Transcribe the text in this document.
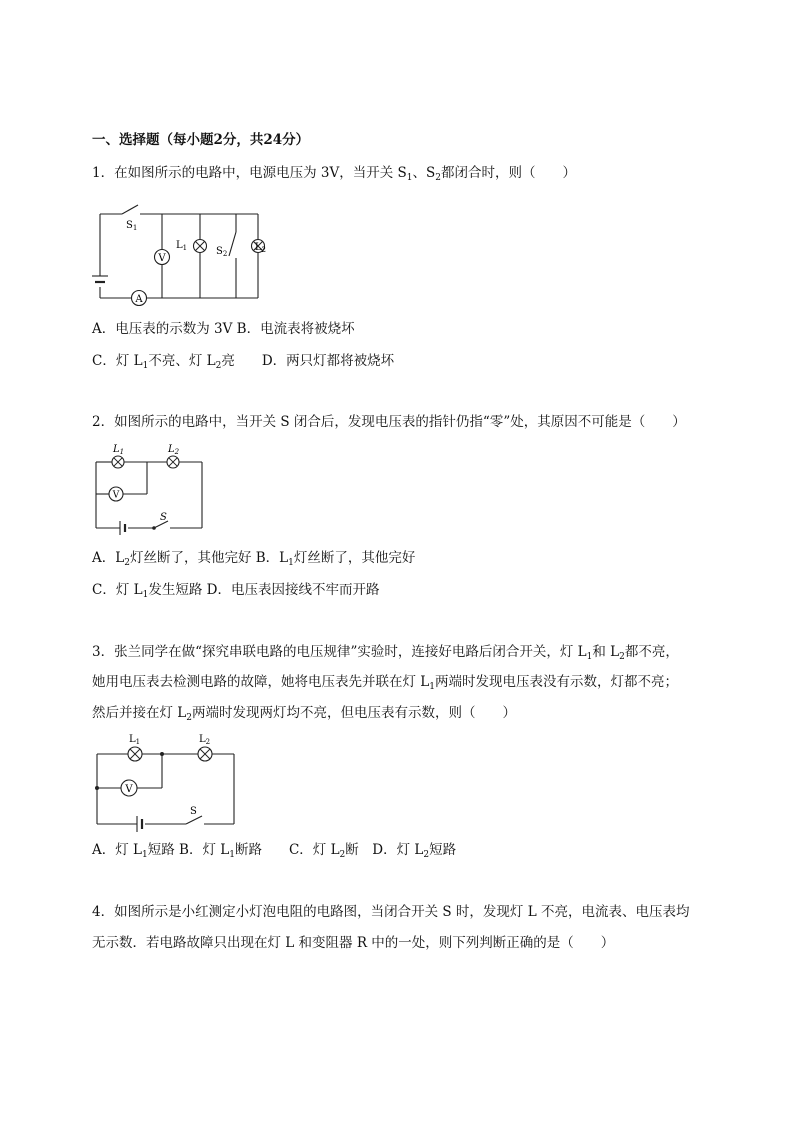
一、选择题（每小题2分，共24分）
1．在如图所示的电路中，电源电压为 3V，当开关 $S_1$、$S_2$都闭合时，则（　　）
A
V
$S_1$
$L_1$	$S_2$
$L_2$
A．电压表的示数为 3V B．电流表将被烧坏
C．灯 $L_1$不亮、灯 $L_2$亮　　D．两只灯都将被烧坏
2．如图所示的电路中，当开关 S 闭合后，发现电压表的指针仍指“零”处，其原因不可能是（　　）
V
$L_1$	$L_2$
S
A．$L_2$灯丝断了，其他完好 B．$L_1$灯丝断了，其他完好
C．灯 $L_1$发生短路 D．电压表因接线不牢而开路
3．张兰同学在做“探究串联电路的电压规律”实验时，连接好电路后闭合开关，灯 $L_1$和 $L_2$都不亮，
她用电压表去检测电路的故障，她将电压表先并联在灯 $L_1$两端时发现电压表没有示数，灯都不亮；
然后并接在灯 $L_2$两端时发现两灯均不亮，但电压表有示数，则（　　）
V
$L_1$	$L_2$
S
A．灯 $L_1$短路 B．灯 $L_1$断路　　C．灯 $L_2$断　D．灯 $L_2$短路
4．如图所示是小红测定小灯泡电阻的电路图，当闭合开关 S 时，发现灯 L 不亮，电流表、电压表均
无示数．若电路故障只出现在灯 L 和变阻器 R 中的一处，则下列判断正确的是（　　）
